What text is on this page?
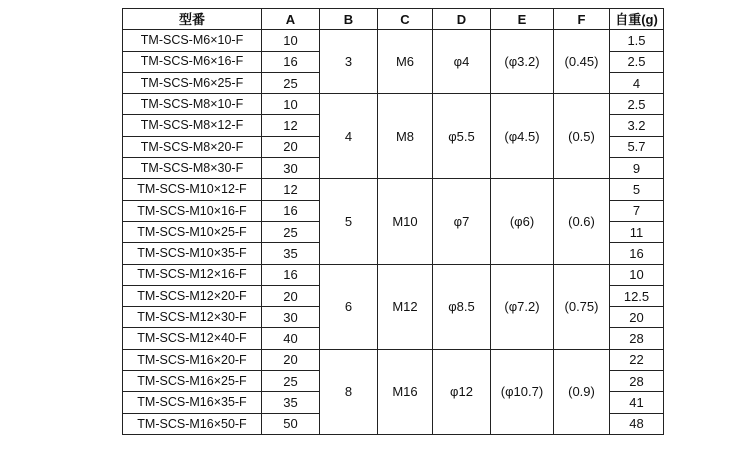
型番	A	B	C	D	E	F	自重(g)
TM-SCS-M6×10-F	10	3	M6	φ4	(φ3.2)	(0.45)	1.5
TM-SCS-M6×16-F	16						2.5
TM-SCS-M6×25-F	25						4
TM-SCS-M8×10-F	10	4	M8	φ5.5	(φ4.5)	(0.5)	2.5
TM-SCS-M8×12-F	12						3.2
TM-SCS-M8×20-F	20						5.7
TM-SCS-M8×30-F	30						9
TM-SCS-M10×12-F	12	5	M10	φ7	(φ6)	(0.6)	5
TM-SCS-M10×16-F	16						7
TM-SCS-M10×25-F	25						11
TM-SCS-M10×35-F	35						16
TM-SCS-M12×16-F	16	6	M12	φ8.5	(φ7.2)	(0.75)	10
TM-SCS-M12×20-F	20						12.5
TM-SCS-M12×30-F	30						20
TM-SCS-M12×40-F	40						28
TM-SCS-M16×20-F	20	8	M16	φ12	(φ10.7)	(0.9)	22
TM-SCS-M16×25-F	25						28
TM-SCS-M16×35-F	35						41
TM-SCS-M16×50-F	50						48
